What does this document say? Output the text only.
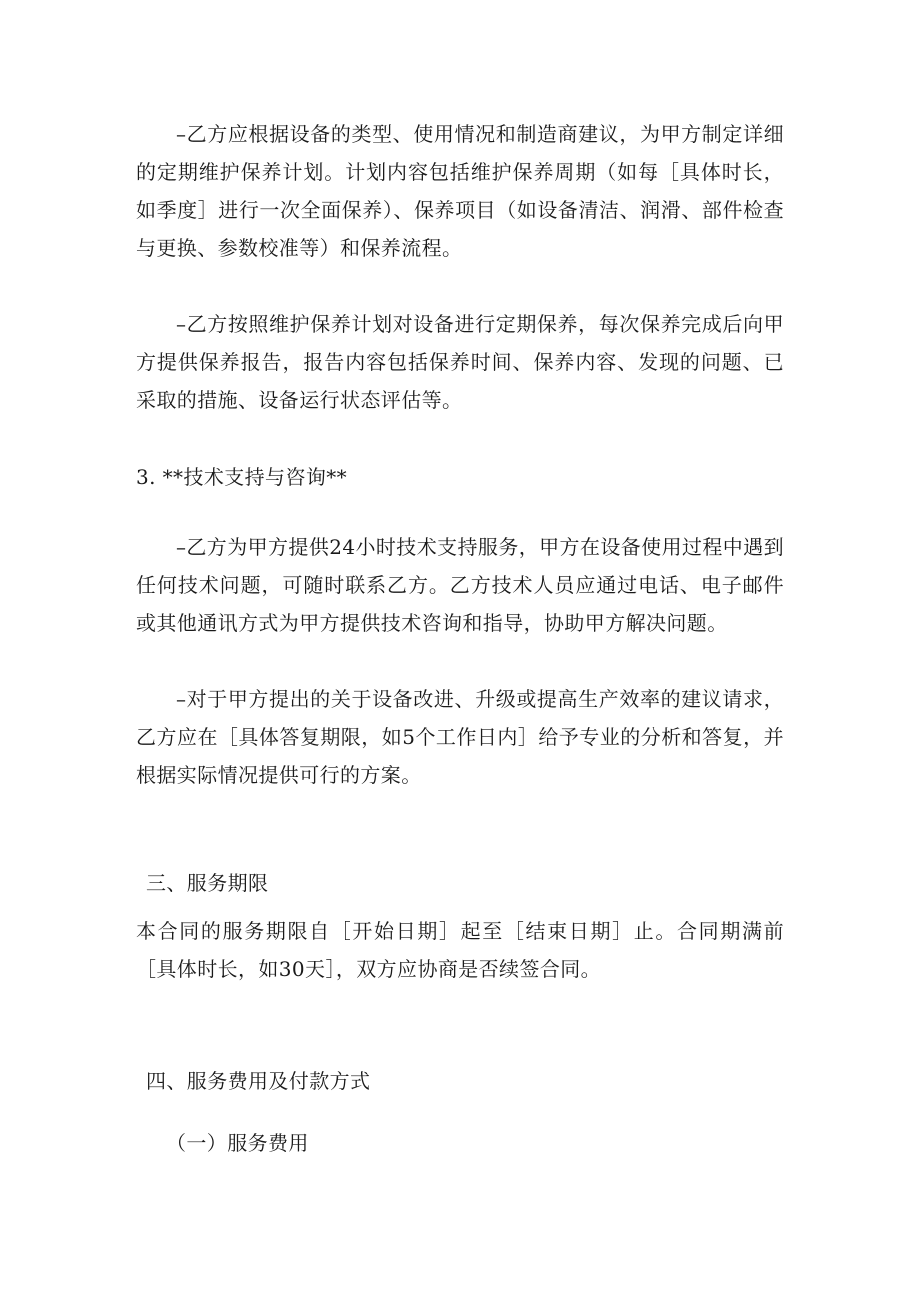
–乙方应根据设备的类型、使用情况和制造商建议，为甲方制定详细的定期维护保养计划。计划内容包括维护保养周期（如每［具体时长，如季度］进行一次全面保养）、保养项目（如设备清洁、润滑、部件检查与更换、参数校准等）和保养流程。

–乙方按照维护保养计划对设备进行定期保养，每次保养完成后向甲方提供保养报告，报告内容包括保养时间、保养内容、发现的问题、已采取的措施、设备运行状态评估等。

3. **技术支持与咨询**

–乙方为甲方提供24小时技术支持服务，甲方在设备使用过程中遇到任何技术问题，可随时联系乙方。乙方技术人员应通过电话、电子邮件或其他通讯方式为甲方提供技术咨询和指导，协助甲方解决问题。

–对于甲方提出的关于设备改进、升级或提高生产效率的建议请求，乙方应在［具体答复期限，如5个工作日内］给予专业的分析和答复，并根据实际情况提供可行的方案。

三、服务期限

本合同的服务期限自［开始日期］起至［结束日期］止。合同期满前［具体时长，如30天］，双方应协商是否续签合同。

四、服务费用及付款方式

（一）服务费用
